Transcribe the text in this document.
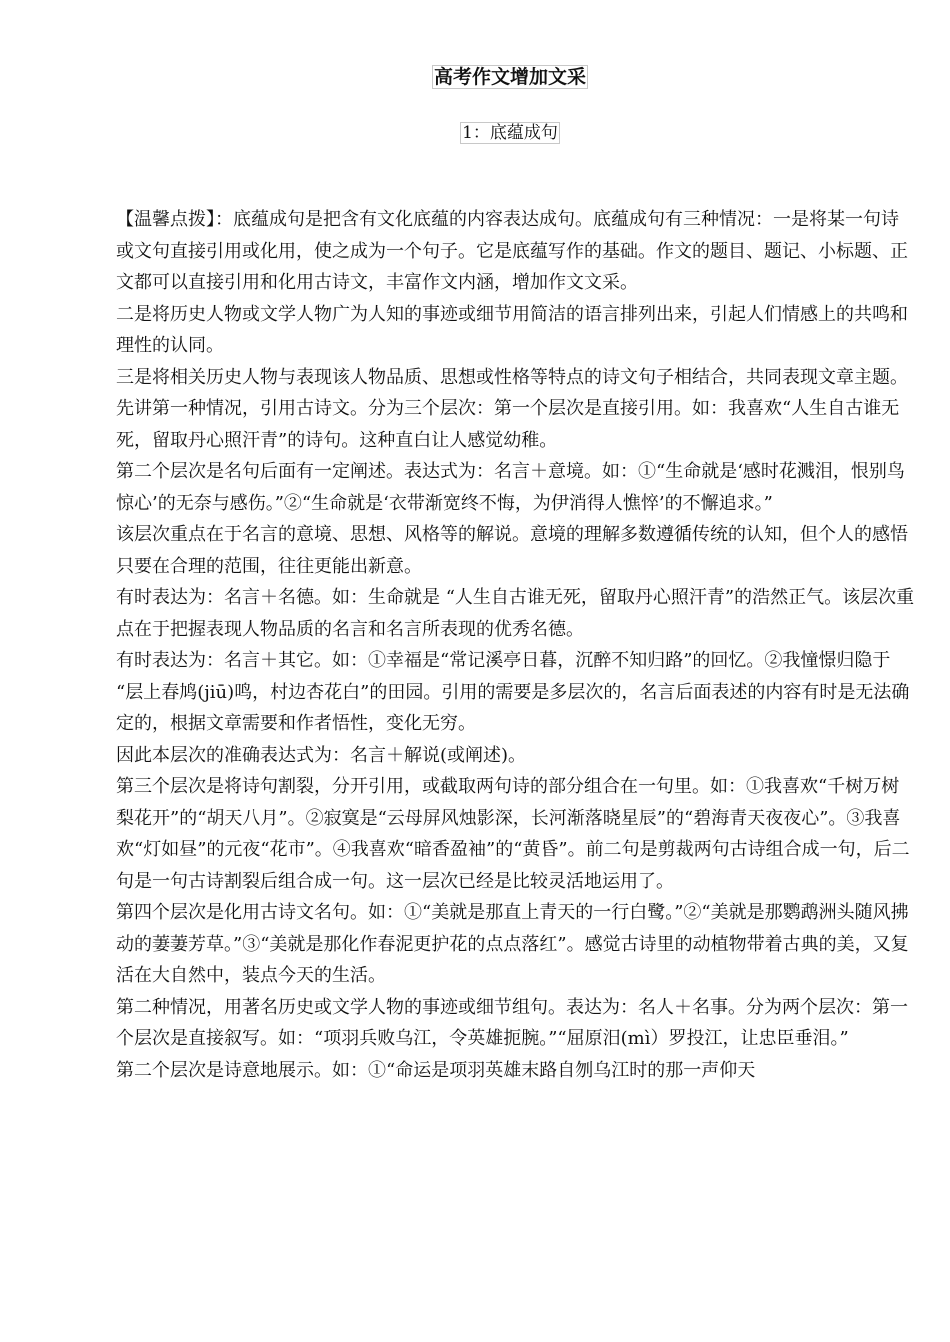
高考作文增加文采
1：底蕴成句

【温馨点拨】：底蕴成句是把含有文化底蕴的内容表达成句。底蕴成句有三种情况：一是将某一句诗或文句直接引用或化用，使之成为一个句子。它是底蕴写作的基础。作文的题目、题记、小标题、正文都可以直接引用和化用古诗文，丰富作文内涵，增加作文文采。

二是将历史人物或文学人物广为人知的事迹或细节用简洁的语言排列出来，引起人们情感上的共鸣和理性的认同。

三是将相关历史人物与表现该人物品质、思想或性格等特点的诗文句子相结合，共同表现文章主题。

先讲第一种情况，引用古诗文。分为三个层次：第一个层次是直接引用。如：我喜欢“人生自古谁无死，留取丹心照汗青”的诗句。这种直白让人感觉幼稚。

第二个层次是名句后面有一定阐述。表达式为：名言＋意境。如：①“生命就是‘感时花溅泪，恨别鸟惊心’的无奈与感伤。”②“生命就是‘衣带渐宽终不悔，为伊消得人憔悴’的不懈追求。”

该层次重点在于名言的意境、思想、风格等的解说。意境的理解多数遵循传统的认知，但个人的感悟只要在合理的范围，往往更能出新意。

有时表达为：名言＋名德。如：生命就是 “人生自古谁无死，留取丹心照汗青”的浩然正气。该层次重点在于把握表现人物品质的名言和名言所表现的优秀名德。

有时表达为：名言＋其它。如：①幸福是“常记溪亭日暮，沉醉不知归路”的回忆。②我憧憬归隐于 “层上春鸠(jiū)鸣，村边杏花白”的田园。引用的需要是多层次的，名言后面表述的内容有时是无法确定的，根据文章需要和作者悟性，变化无穷。

因此本层次的准确表达式为：名言＋解说(或阐述)。

第三个层次是将诗句割裂，分开引用，或截取两句诗的部分组合在一句里。如：①我喜欢“千树万树梨花开”的“胡天八月”。②寂寞是“云母屏风烛影深，长河渐落晓星辰”的“碧海青天夜夜心”。③我喜欢“灯如昼”的元夜“花市”。④我喜欢“暗香盈袖”的“黄昏”。前二句是剪裁两句古诗组合成一句，后二句是一句古诗割裂后组合成一句。这一层次已经是比较灵活地运用了。

第四个层次是化用古诗文名句。如：①“美就是那直上青天的一行白鹭。”②“美就是那鹦鹉洲头随风拂动的萋萋芳草。”③“美就是那化作春泥更护花的点点落红”。感觉古诗里的动植物带着古典的美，又复活在大自然中，装点今天的生活。

第二种情况，用著名历史或文学人物的事迹或细节组句。表达为：名人＋名事。分为两个层次：第一个层次是直接叙写。如：“项羽兵败乌江，令英雄扼腕。”“屈原汨(mì）罗投江，让忠臣垂泪。”

第二个层次是诗意地展示。如：①“命运是项羽英雄末路自刎乌江时的那一声仰天
